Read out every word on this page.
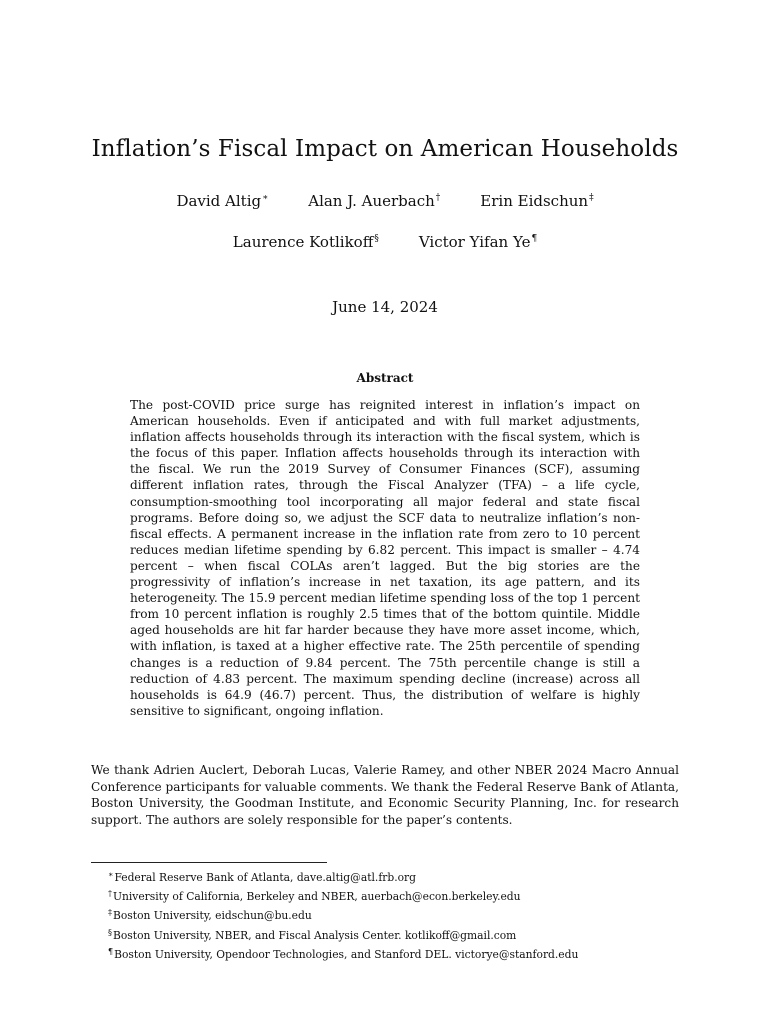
Inflation’s Fiscal Impact on American Households
David Altig∗	Alan J. Auerbach†	Erin Eidschun‡
Laurence Kotlikoff§	Victor Yifan Ye¶
June 14, 2024
Abstract

The post-COVID price surge has reignited interest in inflation’s impact on American households. Even if anticipated and with full market adjustments, inflation affects households through its interaction with the fiscal system, which is the focus of this paper. Inflation affects households through its interaction with the fiscal. We run the 2019 Survey of Consumer Finances (SCF), assuming different inflation rates, through the Fiscal Analyzer (TFA) – a life cycle, consumption-smoothing tool incorporating all major federal and state fiscal programs. Before doing so, we adjust the SCF data to neutralize inflation’s non-fiscal effects. A permanent increase in the inflation rate from zero to 10 percent reduces median lifetime spending by 6.82 percent. This impact is smaller – 4.74 percent – when fiscal COLAs aren’t lagged. But the big stories are the progressivity of inflation’s increase in net taxation, its age pattern, and its heterogeneity. The 15.9 percent median lifetime spending loss of the top 1 percent from 10 percent inflation is roughly 2.5 times that of the bottom quintile. Middle aged households are hit far harder because they have more asset income, which, with inflation, is taxed at a higher effective rate. The 25th percentile of spending changes is a reduction of 9.84 percent. The 75th percentile change is still a reduction of 4.83 percent. The maximum spending decline (increase) across all households is 64.9 (46.7) percent. Thus, the distribution of welfare is highly sensitive to significant, ongoing inflation.

We thank Adrien Auclert, Deborah Lucas, Valerie Ramey, and other NBER 2024 Macro Annual Conference participants for valuable comments. We thank the Federal Reserve Bank of Atlanta, Boston University, the Goodman Institute, and Economic Security Planning, Inc. for research support. The authors are solely responsible for the paper’s contents.

∗Federal Reserve Bank of Atlanta, dave.altig@atl.frb.org
†University of California, Berkeley and NBER, auerbach@econ.berkeley.edu
‡Boston University, eidschun@bu.edu
§Boston University, NBER, and Fiscal Analysis Center. kotlikoff@gmail.com
¶Boston University, Opendoor Technologies, and Stanford DEL. victorye@stanford.edu
